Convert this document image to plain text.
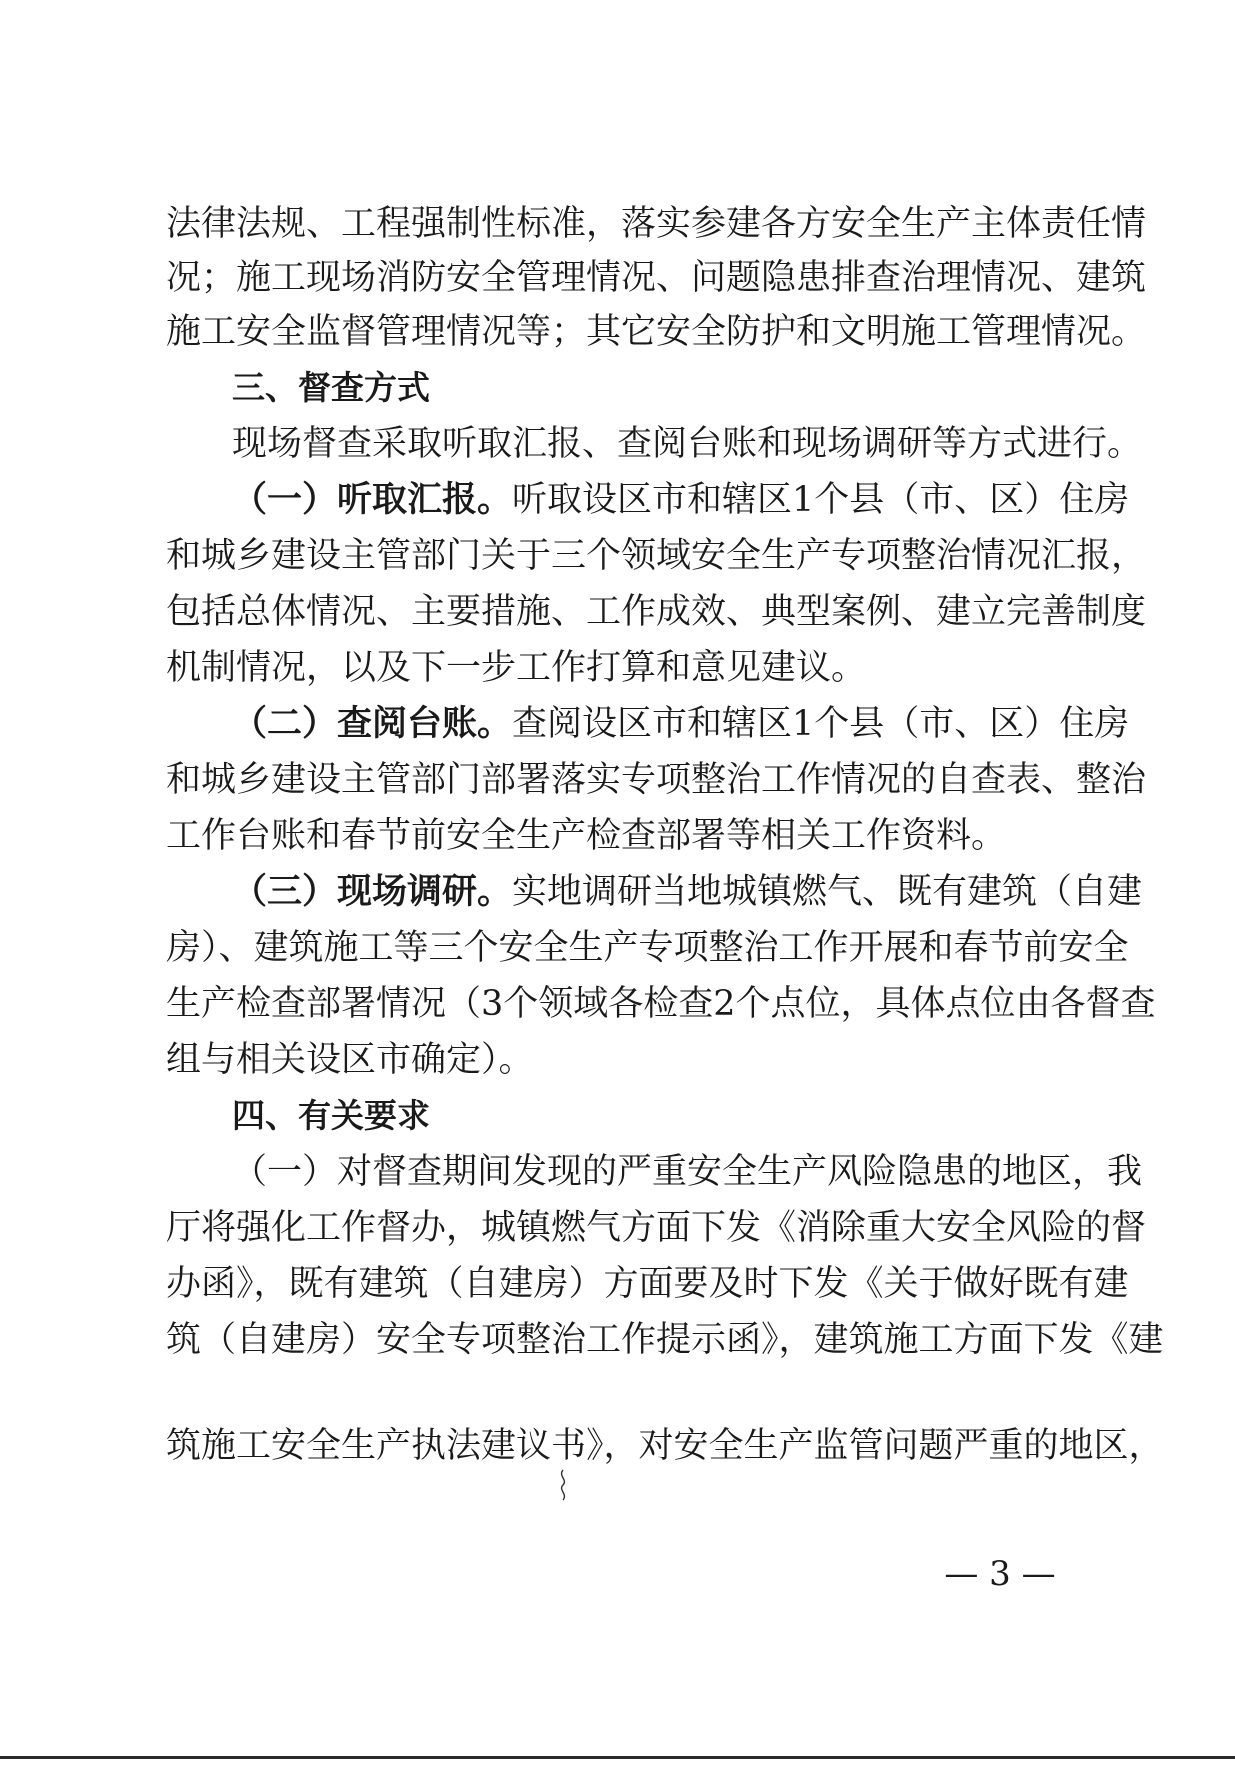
法律法规、工程强制性标准，落实参建各方安全生产主体责任情
况；施工现场消防安全管理情况、问题隐患排查治理情况、建筑
施工安全监督管理情况等；其它安全防护和文明施工管理情况。
三、督查方式
现场督查采取听取汇报、查阅台账和现场调研等方式进行。
（一）听取汇报。 听取设区市和辖区1个县（市、区）住房
和城乡建设主管部门关于三个领域安全生产专项整治情况汇报，
包括总体情况、主要措施、工作成效、典型案例、建立完善制度
机制情况，以及下一步工作打算和意见建议。
（二）查阅台账。 查阅设区市和辖区1个县（市、区）住房
和城乡建设主管部门部署落实专项整治工作情况的自查表、整治
工作台账和春节前安全生产检查部署等相关工作资料。
（三）现场调研。 实地调研当地城镇燃气、既有建筑（自建
房）、建筑施工等三个安全生产专项整治工作开展和春节前安全
生产检查部署情况（3个领域各检查2个点位，具体点位由各督查
组与相关设区市确定）。
四、有关要求
（一）对督查期间发现的严重安全生产风险隐患的地区，我
厅将强化工作督办，城镇燃气方面下发《消除重大安全风险的督
办函》，既有建筑（自建房）方面要及时下发《关于做好既有建
筑（自建房）安全专项整治工作提示函》，建筑施工方面下发《建
筑施工安全生产执法建议书》，对安全生产监管问题严重的地区，
— 3 —
